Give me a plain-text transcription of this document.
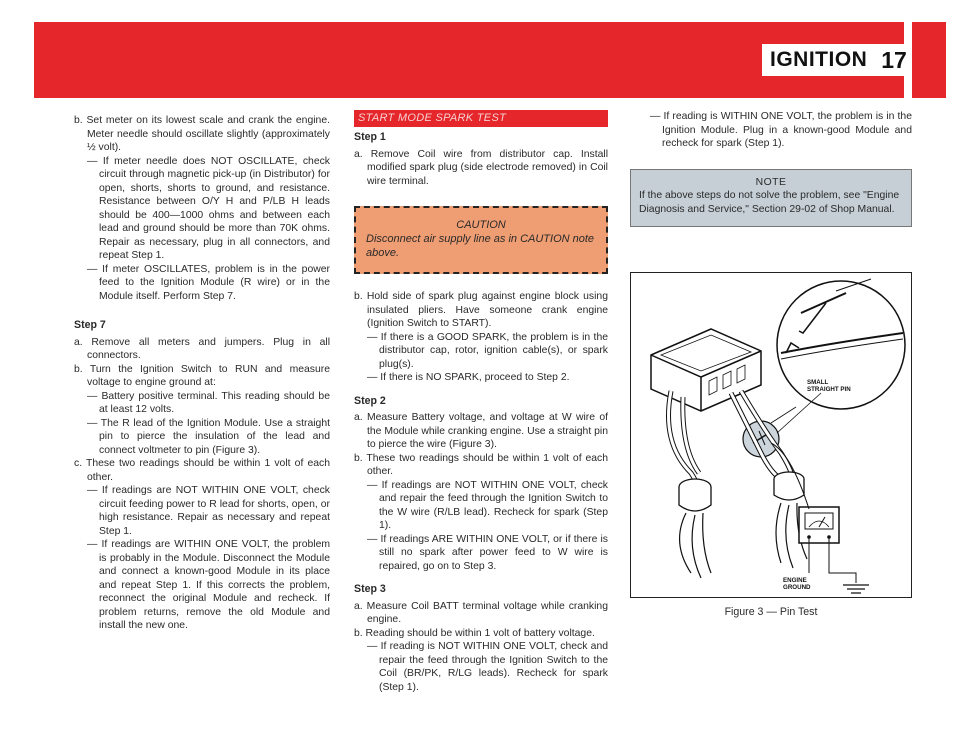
IGNITION 17

b. Set meter on its lowest scale and crank the engine. Meter needle should oscillate slightly (approximately ½ volt).

— If meter needle does NOT OSCILLATE, check circuit through magnetic pick-up (in Distributor) for open, shorts, shorts to ground, and resistance. Resistance between O/Y H and P/LB H leads should be 400—1000 ohms and between each lead and ground should be more than 70K ohms. Repair as necessary, plug in all connectors, and repeat Step 1.

— If meter OSCILLATES, problem is in the power feed to the Ignition Module (R wire) or in the Module itself. Perform Step 7.

Step 7

a. Remove all meters and jumpers. Plug in all connectors.

b. Turn the Ignition Switch to RUN and measure voltage to engine ground at:

— Battery positive terminal. This reading should be at least 12 volts.

— The R lead of the Ignition Module. Use a straight pin to pierce the insulation of the lead and connect voltmeter to pin (Figure 3).

c. These two readings should be within 1 volt of each other.

— If readings are NOT WITHIN ONE VOLT, check circuit feeding power to R lead for shorts, open, or high resistance. Repair as necessary and repeat Step 1.

— If readings are WITHIN ONE VOLT, the problem is probably in the Module. Disconnect the Module and connect a known-good Module in its place and repeat Step 1. If this corrects the problem, reconnect the original Module and recheck. If problem returns, remove the old Module and install the new one.

START MODE SPARK TEST

Step 1

a. Remove Coil wire from distributor cap. Install modified spark plug (side electrode removed) in Coil wire terminal.

CAUTION

Disconnect air supply line as in CAUTION note above.

b. Hold side of spark plug against engine block using insulated pliers. Have someone crank engine (Ignition Switch to START).

— If there is a GOOD SPARK, the problem is in the distributor cap, rotor, ignition cable(s), or spark plug(s).

— If there is NO SPARK, proceed to Step 2.

Step 2

a. Measure Battery voltage, and voltage at W wire of the Module while cranking engine. Use a straight pin to pierce the wire (Figure 3).

b. These two readings should be within 1 volt of each other.

— If readings are NOT WITHIN ONE VOLT, check and repair the feed through the Ignition Switch to the W wire (R/LB lead). Recheck for spark (Step 1).

— If readings ARE WITHIN ONE VOLT, or if there is still no spark after power feed to W wire is repaired, go on to Step 3.

Step 3

a. Measure Coil BATT terminal voltage while cranking engine.

b. Reading should be within 1 volt of battery voltage.

— If reading is NOT WITHIN ONE VOLT, check and repair the feed through the Ignition Switch to the Coil (BR/PK, R/LG leads). Recheck for spark (Step 1).

— If reading is WITHIN ONE VOLT, the problem is in the Ignition Module. Plug in a known-good Module and recheck for spark (Step 1).

NOTE

If the above steps do not solve the problem, see "Engine Diagnosis and Service," Section 29-02 of Shop Manual.

SMALL STRAIGHT PIN
ENGINE GROUND
Figure 3 — Pin Test
